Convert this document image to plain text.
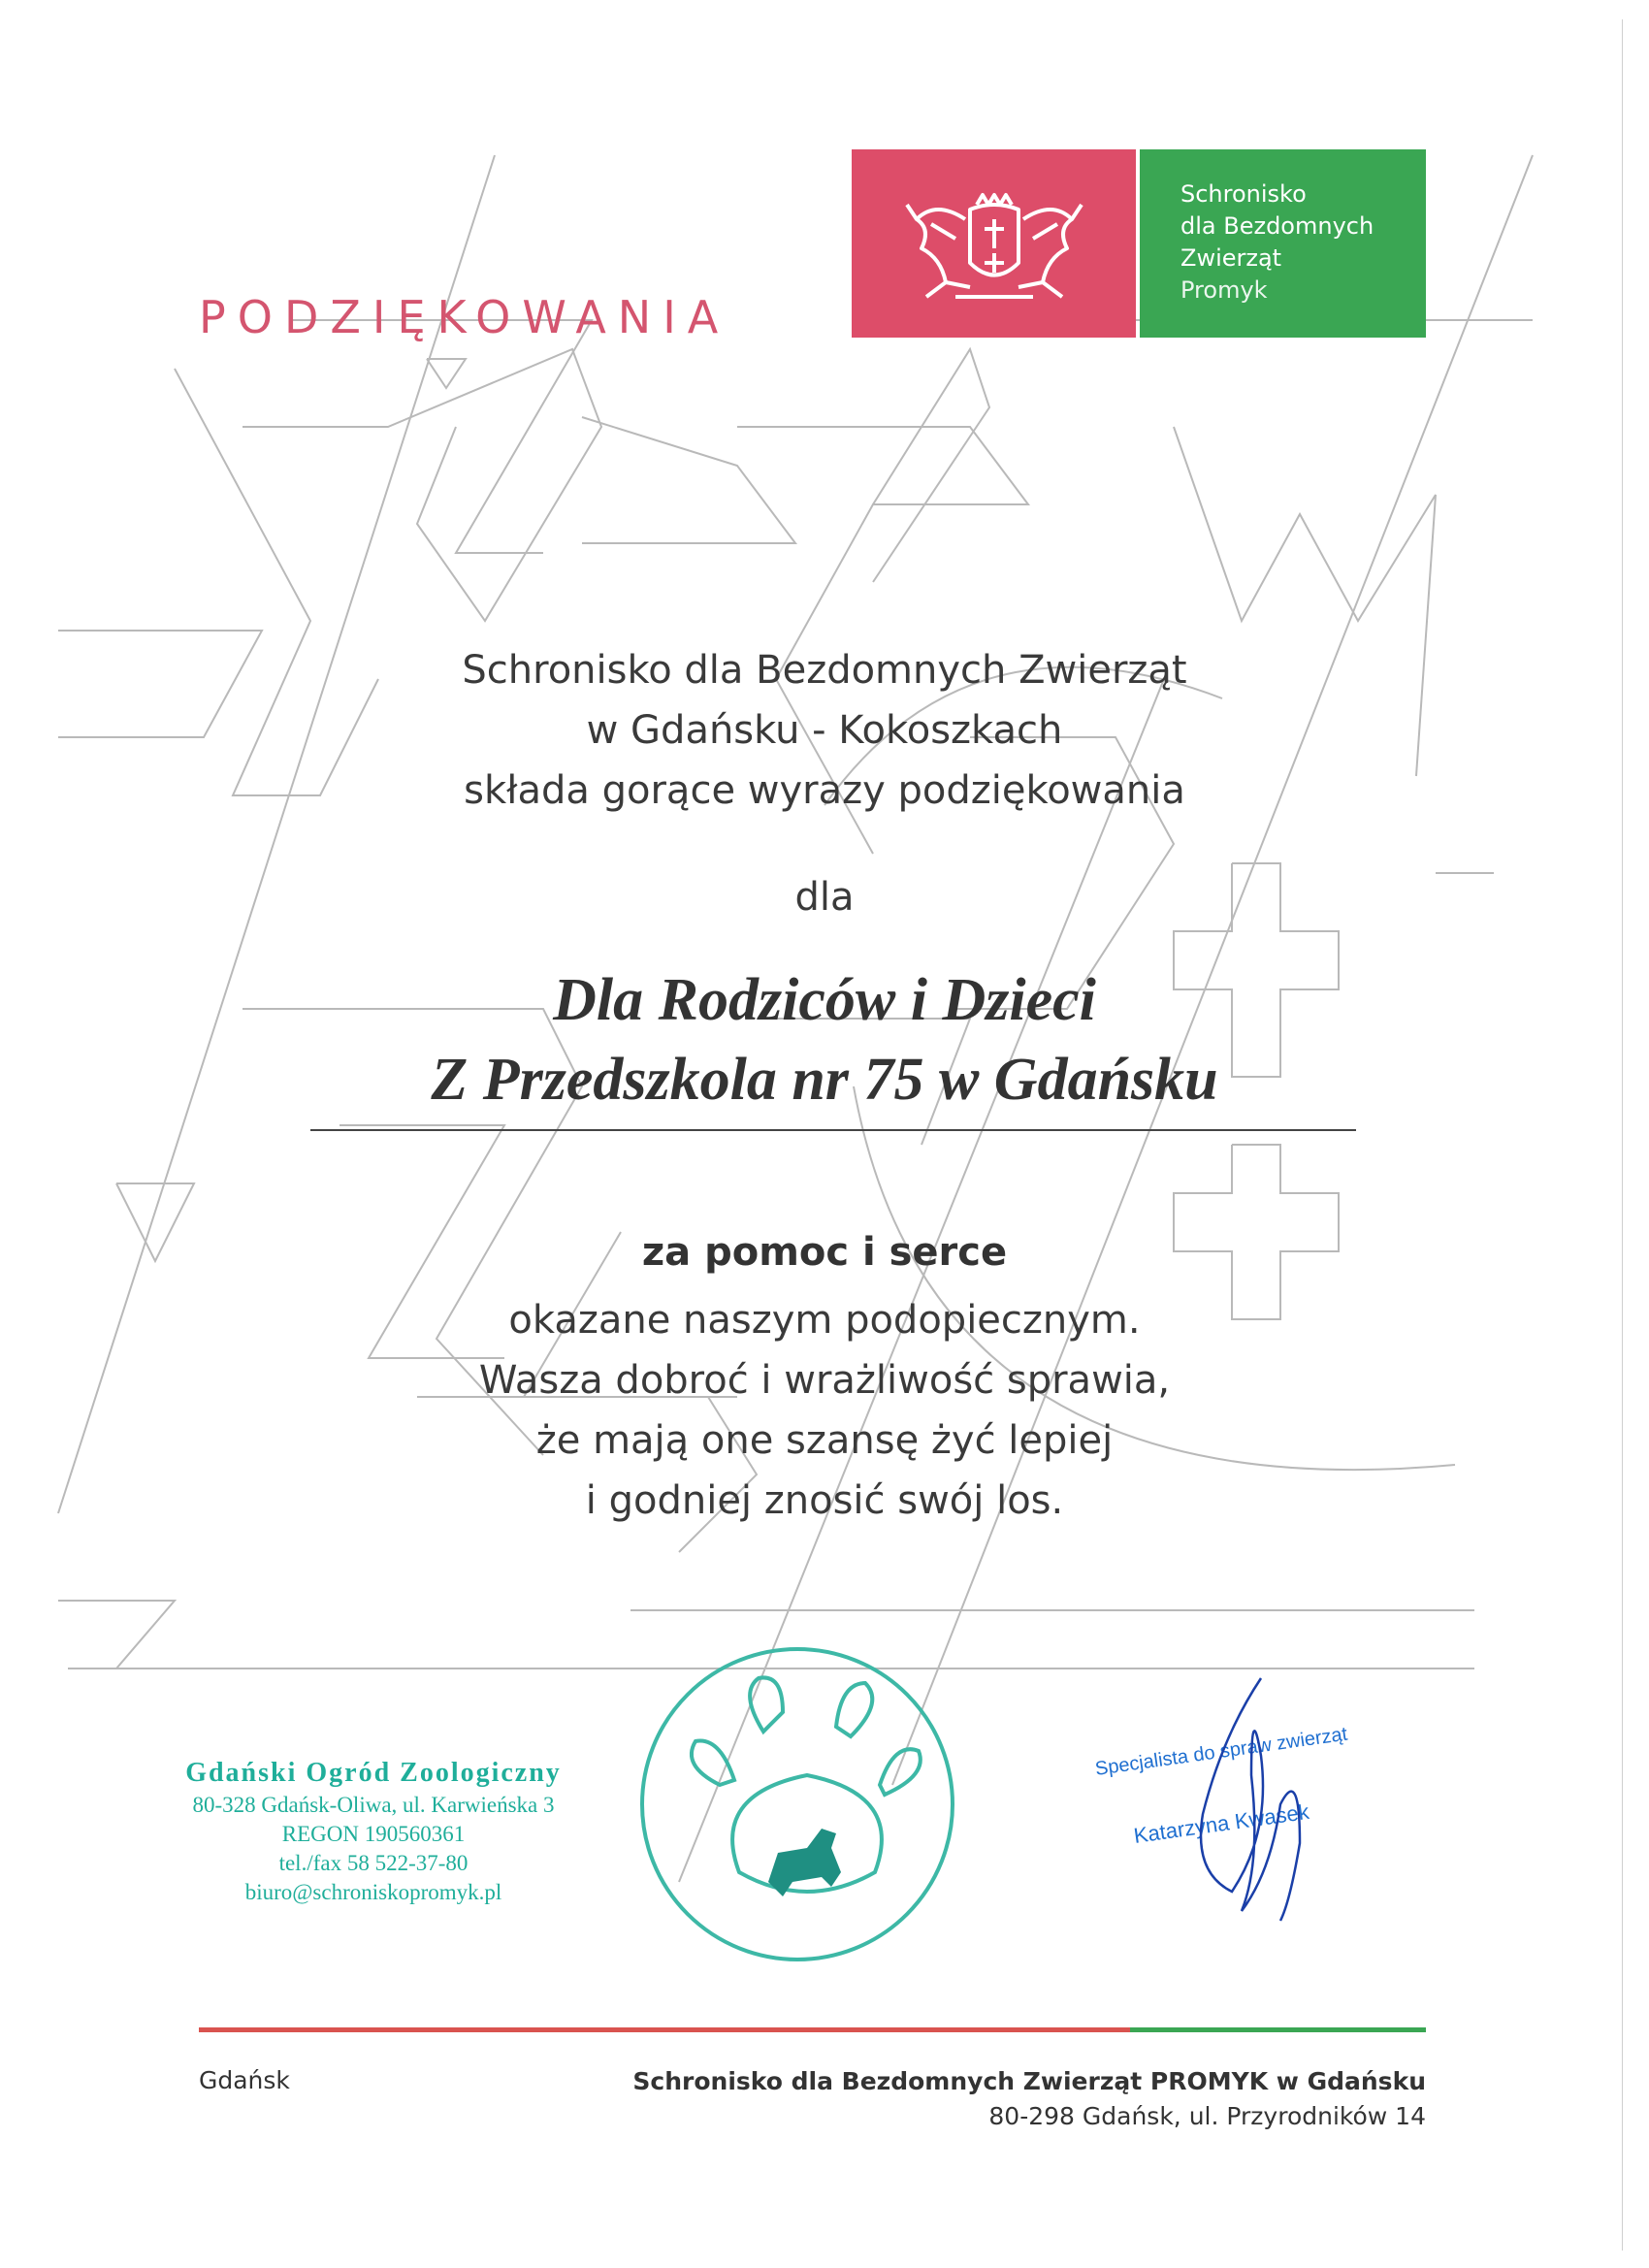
PODZIĘKOWANIA
Schronisko
dla Bezdomnych
Zwierząt
Promyk
Schronisko dla Bezdomnych Zwierząt
w Gdańsku - Kokoszkach
składa gorące wyrazy podziękowania
dla
Dla Rodziców i Dzieci
Z Przedszkola nr 75 w Gdańsku
za pomoc i serce
okazane naszym podopiecznym.
Wasza dobroć i wrażliwość sprawia,
że mają one szansę żyć lepiej
i godniej znosić swój los.
Gdański Ogród Zoologiczny
80-328 Gdańsk-Oliwa, ul. Karwieńska 3
REGON 190560361
tel./fax 58 522-37-80
biuro@schroniskopromyk.pl
Specjalista do spraw zwierząt
Katarzyna Kwasek
Gdańsk	Schronisko dla Bezdomnych Zwierząt PROMYK w Gdańsku
80-298 Gdańsk, ul. Przyrodników 14
